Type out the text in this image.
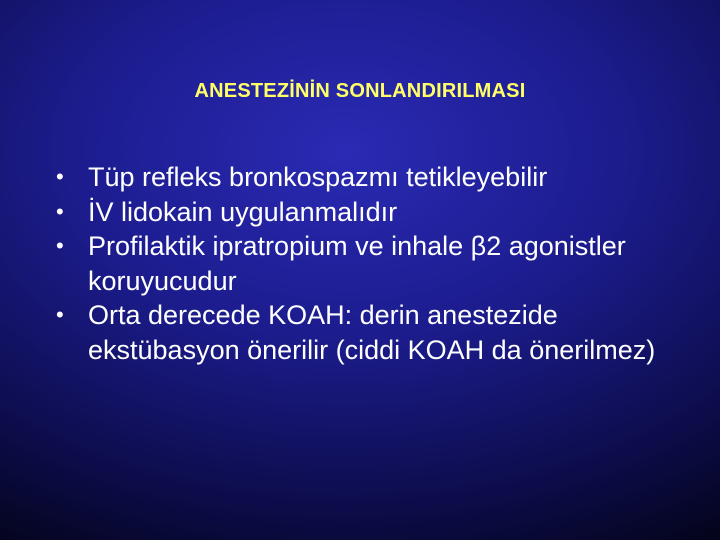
ANESTEZİNİN SONLANDIRILMASI
• Tüp refleks bronkospazmı tetikleyebilir
• İV lidokain uygulanmalıdır
• Profilaktik ipratropium ve inhale β2 agonistler koruyucudur
• Orta derecede KOAH: derin anestezide ekstübasyon önerilir (ciddi KOAH da önerilmez)
